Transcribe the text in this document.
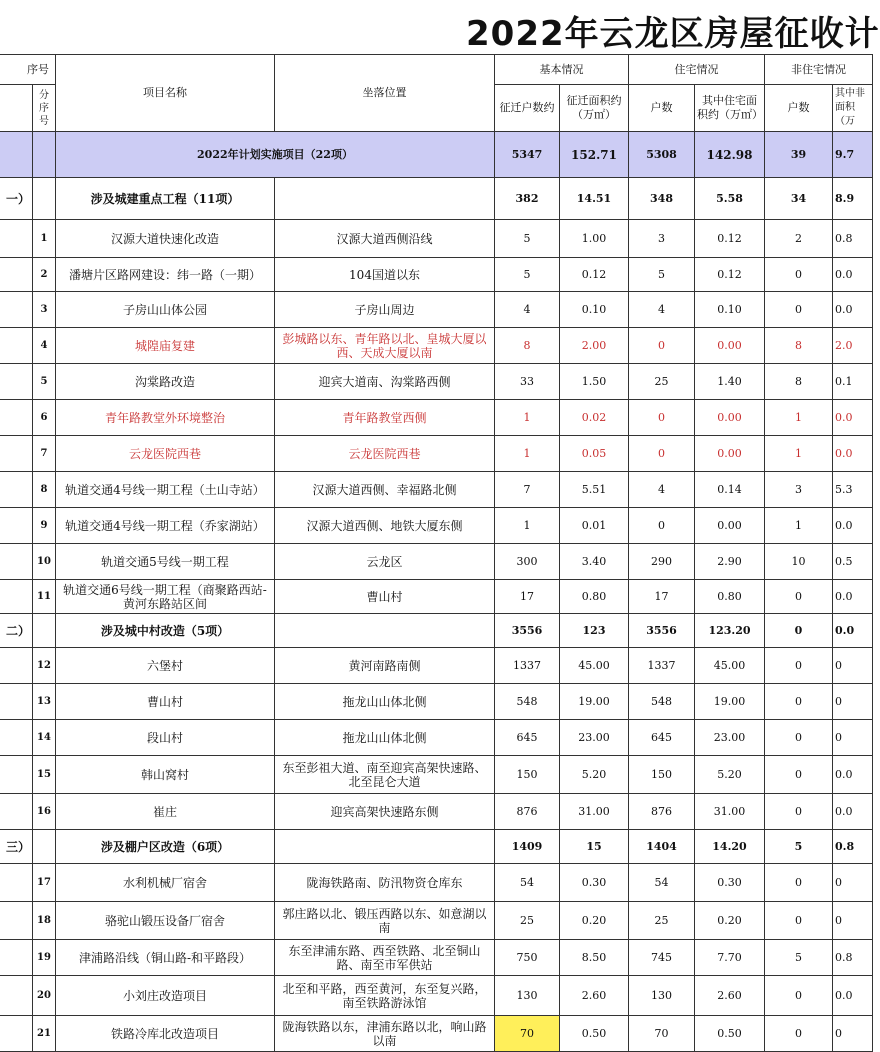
2022年云龙区房屋征收计
序号		项目名称	坐落位置	基本情况		住宅情况		非住宅情况	
	分序号			征迁户数约	征迁面积约（万㎡）	户数	其中住宅面积约（万㎡）	户数	其中非面积（万
		2022年计划实施项目（22项）		5347	152.71	5308	142.98	39	9.7
一）		涉及城建重点工程（11项）		382	14.51	348	5.58	34	8.9
	1	汉源大道快速化改造	汉源大道西侧沿线	5	1.00	3	0.12	2	0.8
	2	潘塘片区路网建设：纬一路（一期）	104国道以东	5	0.12	5	0.12	0	0.0
	3	子房山山体公园	子房山周边	4	0.10	4	0.10	0	0.0
	4	城隍庙复建	彭城路以东、青年路以北、皇城大厦以西、天成大厦以南	8	2.00	0	0.00	8	2.0
	5	沟棠路改造	迎宾大道南、沟棠路西侧	33	1.50	25	1.40	8	0.1
	6	青年路教堂外环境整治	青年路教堂西侧	1	0.02	0	0.00	1	0.0
	7	云龙医院西巷	云龙医院西巷	1	0.05	0	0.00	1	0.0
	8	轨道交通4号线一期工程（土山寺站）	汉源大道西侧、幸福路北侧	7	5.51	4	0.14	3	5.3
	9	轨道交通4号线一期工程（乔家湖站）	汉源大道西侧、地铁大厦东侧	1	0.01	0	0.00	1	0.0
	10	轨道交通5号线一期工程	云龙区	300	3.40	290	2.90	10	0.5
	11	轨道交通6号线一期工程（商聚路西站-黄河东路站区间	曹山村	17	0.80	17	0.80	0	0.0
二）		涉及城中村改造（5项）		3556	123	3556	123.20	0	0.0
	12	六堡村	黄河南路南侧	1337	45.00	1337	45.00	0	0
	13	曹山村	拖龙山山体北侧	548	19.00	548	19.00	0	0
	14	段山村	拖龙山山体北侧	645	23.00	645	23.00	0	0
	15	韩山窝村	东至彭祖大道、南至迎宾高架快速路、北至昆仑大道	150	5.20	150	5.20	0	0.0
	16	崔庄	迎宾高架快速路东侧	876	31.00	876	31.00	0	0.0
三）		涉及棚户区改造（6项）		1409	15	1404	14.20	5	0.8
	17	水利机械厂宿舍	陇海铁路南、防汛物资仓库东	54	0.30	54	0.30	0	0
	18	骆驼山锻压设备厂宿舍	郭庄路以北、锻压西路以东、如意湖以南	25	0.20	25	0.20	0	0
	19	津浦路沿线（铜山路-和平路段）	东至津浦东路、西至铁路、北至铜山路、南至市军供站	750	8.50	745	7.70	5	0.8
	20	小刘庄改造项目	北至和平路，西至黄河，东至复兴路，南至铁路游泳馆	130	2.60	130	2.60	0	0.0
	21	铁路冷库北改造项目	陇海铁路以东，津浦东路以北，响山路以南	70	0.50	70	0.50	0	0
